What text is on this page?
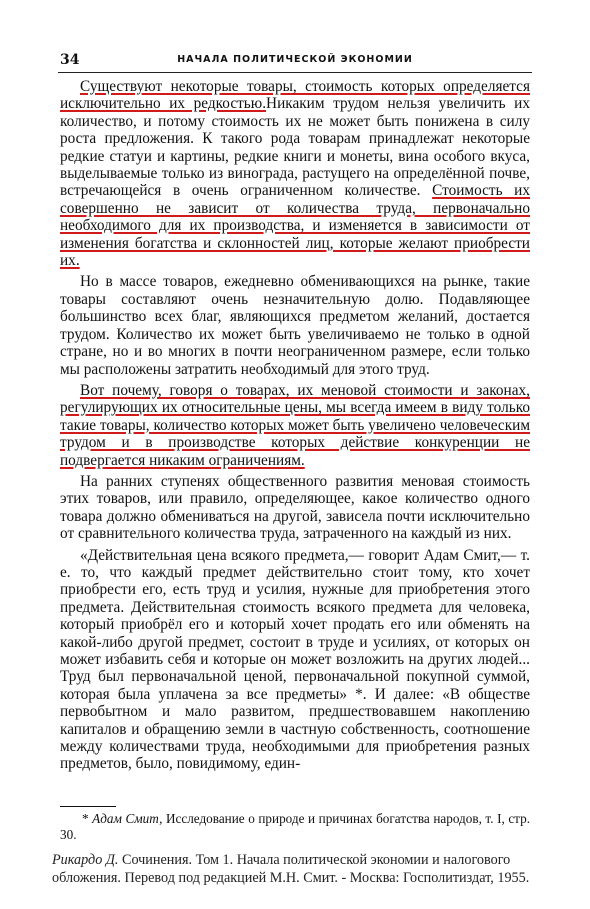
34	НАЧАЛА ПОЛИТИЧЕСКОЙ ЭКОНОМИИ

Существуют некоторые товары, стоимость которых определяется исключительно их редкостью.Никаким трудом нельзя увеличить их количество, и потому стоимость их не может быть понижена в силу роста предложения. К такого рода товарам принадлежат некоторые редкие статуи и картины, редкие книги и монеты, вина особого вкуса, выделываемые только из винограда, растущего на определённой почве, встречающейся в очень ограниченном количестве. Стоимость их совершенно не зависит от количества труда, первоначально необходимого для их производства, и изменяется в зависимости от изменения богатства и склонностей лиц, которые желают приобрести их.

Но в массе товаров, ежедневно обменивающихся на рынке, такие товары составляют очень незначительную долю. Подавляющее большинство всех благ, являющихся предметом желаний, достается трудом. Количество их может быть увеличиваемо не только в одной стране, но и во многих в почти неограниченном размере, если только мы расположены затратить необходимый для этого труд.

Вот почему, говоря о товарах, их меновой стоимости и законах, регулирующих их относительные цены, мы всегда имеем в виду только такие товары, количество которых может быть увеличено человеческим трудом и в производстве которых действие конкуренции не подвергается никаким ограничениям.

На ранних ступенях общественного развития меновая стоимость этих товаров, или правило, определяющее, какое количество одного товара должно обмениваться на другой, зависела почти исключительно от сравнительного количества труда, затраченного на каждый из них.

«Действительная цена всякого предмета,— говорит Адам Смит,— т. е. то, что каждый предмет действительно стоит тому, кто хочет приобрести его, есть труд и усилия, нужные для приобретения этого предмета. Действительная стоимость всякого предмета для человека, который приобрёл его и который хочет продать его или обменять на какой-либо другой предмет, состоит в труде и усилиях, от которых он может избавить себя и которые он может возложить на других людей... Труд был первоначальной ценой, первоначальной покупной суммой, которая была уплачена за все предметы» *. И далее: «В обществе первобытном и мало развитом, предшествовавшем накоплению капиталов и обращению земли в частную собственность, соотношение между количествами труда, необходимыми для приобретения разных предметов, было, повидимому, един-

* Адам Смит, Исследование о природе и причинах богатства народов, т. I, стр. 30.
Рикардо Д. Сочинения. Том 1. Начала политической экономии и налогового обложения. Перевод под редакцией М.Н. Смит. - Москва: Госполитиздат, 1955.
